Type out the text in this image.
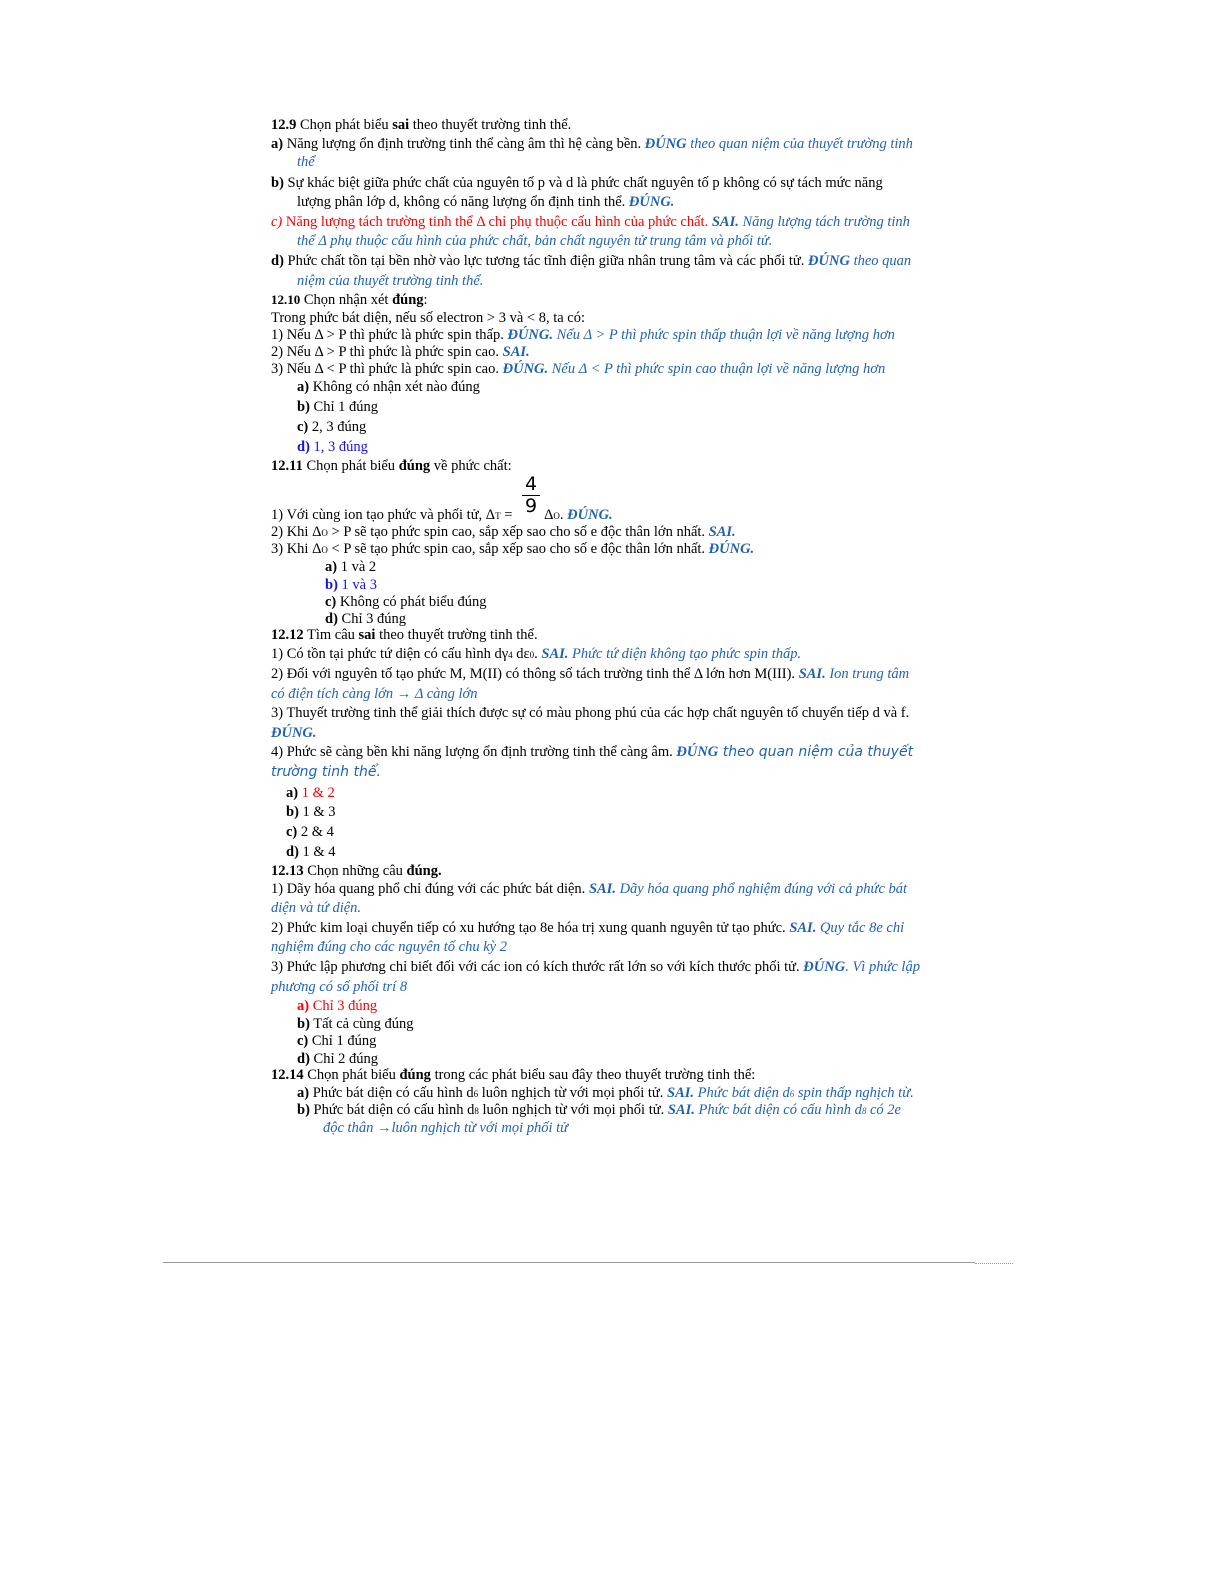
12.9 Chọn phát biểu sai theo thuyết trường tinh thể.
a) Năng lượng ổn định trường tinh thể càng âm thì hệ càng bền. ĐÚNG theo quan niệm của thuyết trường tinh
thể
b) Sự khác biệt giữa phức chất của nguyên tố p và d là phức chất nguyên tố p không có sự tách mức năng
lượng phân lớp d, không có năng lượng ổn định tinh thể. ĐÚNG.
c) Năng lượng tách trường tinh thể Δ chỉ phụ thuộc cấu hình của phức chất. SAI. Năng lượng tách trường tinh
thể Δ phụ thuộc cấu hình của phức chất, bản chất nguyên tử trung tâm và phối tử.
d) Phức chất tồn tại bền nhờ vào lực tương tác tĩnh điện giữa nhân trung tâm và các phối tử. ĐÚNG theo quan
niệm của thuyết trường tinh thể.
12.10 Chọn nhận xét đúng:
Trong phức bát diện, nếu số electron > 3 và < 8, ta có:
1) Nếu Δ > P thì phức là phức spin thấp. ĐÚNG. Nếu Δ > P thì phức spin thấp thuận lợi về năng lượng hơn
2) Nếu Δ > P thì phức là phức spin cao. SAI.
3) Nếu Δ < P thì phức là phức spin cao. ĐÚNG. Nếu Δ < P thì phức spin cao thuận lợi về năng lượng hơn
a) Không có nhận xét nào đúng
b) Chỉ 1 đúng
c) 2, 3 đúng
d) 1, 3 đúng
12.11 Chọn phát biểu đúng về phức chất:
4
9
1) Với cùng ion tạo phức và phối tử, ΔT = ΔO. ĐÚNG.
2) Khi ΔO > P sẽ tạo phức spin cao, sắp xếp sao cho số e độc thân lớn nhất. SAI.
3) Khi ΔO < P sẽ tạo phức spin cao, sắp xếp sao cho số e độc thân lớn nhất. ĐÚNG.
a) 1 và 2
b) 1 và 3
c) Không có phát biểu đúng
d) Chỉ 3 đúng
12.12 Tìm câu sai theo thuyết trường tinh thể.
1) Có tồn tại phức tứ diện có cấu hình dγ4 dε0. SAI. Phức tứ diện không tạo phức spin thấp.
2) Đối với nguyên tố tạo phức M, M(II) có thông số tách trường tinh thể Δ lớn hơn M(III). SAI. Ion trung tâm
có điện tích càng lớn → Δ càng lớn
3) Thuyết trường tinh thể giải thích được sự có màu phong phú của các hợp chất nguyên tố chuyển tiếp d và f.
ĐÚNG.
4) Phức sẽ càng bền khi năng lượng ổn định trường tinh thể càng âm. ĐÚNG theo quan niệm của thuyết
trường tinh thể.
a) 1 & 2
b) 1 & 3
c) 2 & 4
d) 1 & 4
12.13 Chọn những câu đúng.
1) Dãy hóa quang phổ chỉ đúng với các phức bát diện. SAI. Dãy hóa quang phổ nghiệm đúng với cả phức bát
diện và tứ diện.
2) Phức kim loại chuyển tiếp có xu hướng tạo 8e hóa trị xung quanh nguyên tử tạo phức. SAI. Quy tắc 8e chỉ
nghiệm đúng cho các nguyên tố chu kỳ 2
3) Phức lập phương chỉ biết đối với các ion có kích thước rất lớn so với kích thước phối tử. ĐÚNG. Vì phức lập
phương có số phối trí 8
a) Chỉ 3 đúng
b) Tất cả cùng đúng
c) Chỉ 1 đúng
d) Chỉ 2 đúng
12.14 Chọn phát biểu đúng trong các phát biểu sau đây theo thuyết trường tinh thể:
a) Phức bát diện có cấu hình d6 luôn nghịch từ với mọi phối tử. SAI. Phức bát diện d6 spin thấp nghịch từ.
b) Phức bát diện có cấu hình d8 luôn nghịch từ với mọi phối tử. SAI. Phức bát diện có cấu hình d8 có 2e
độc thân →luôn nghịch từ với mọi phối tử
